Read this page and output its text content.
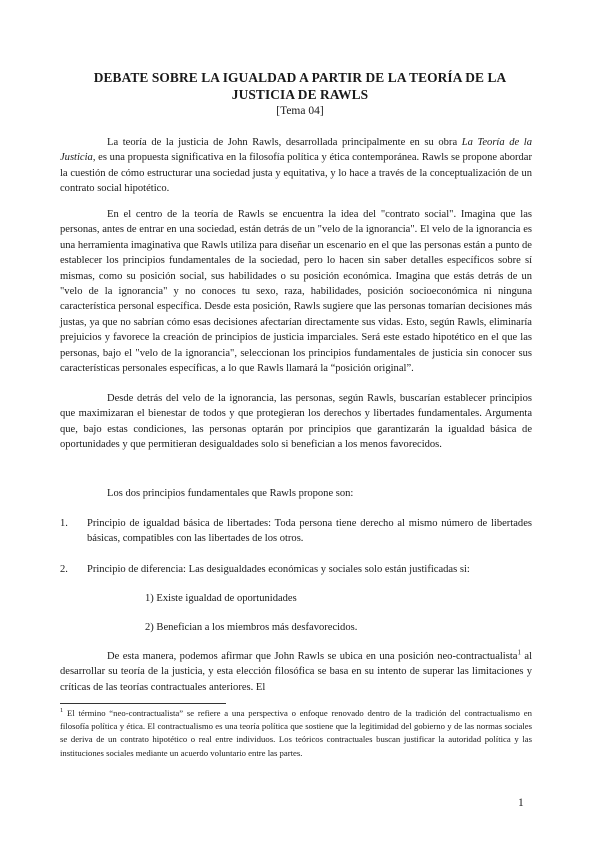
DEBATE SOBRE LA IGUALDAD A PARTIR DE LA TEORÍA DE LA
JUSTICIA DE RAWLS
[Tema 04]

La teoría de la justicia de John Rawls, desarrollada principalmente en su obra La Teoría de la Justicia, es una propuesta significativa en la filosofía política y ética contemporánea. Rawls se propone abordar la cuestión de cómo estructurar una sociedad justa y equitativa, y lo hace a través de la conceptualización de un contrato social hipotético.

En el centro de la teoría de Rawls se encuentra la idea del "contrato social". Imagina que las personas, antes de entrar en una sociedad, están detrás de un "velo de la ignorancia". El velo de la ignorancia es una herramienta imaginativa que Rawls utiliza para diseñar un escenario en el que las personas están a punto de establecer los principios fundamentales de la sociedad, pero lo hacen sin saber detalles específicos sobre sí mismas, como su posición social, sus habilidades o su posición económica. Imagina que estás detrás de un "velo de la ignorancia" y no conoces tu sexo, raza, habilidades, posición socioeconómica ni ninguna característica personal específica. Desde esta posición, Rawls sugiere que las personas tomarían decisiones más justas, ya que no sabrían cómo esas decisiones afectarían directamente sus vidas. Esto, según Rawls, eliminaría prejuicios y favorece la creación de principios de justicia imparciales. Será este estado hipotético en el que las personas, bajo el "velo de la ignorancia", seleccionan los principios fundamentales de justicia sin conocer sus características personales específicas, a lo que Rawls llamará la “posición original”.

Desde detrás del velo de la ignorancia, las personas, según Rawls, buscarían establecer principios que maximizaran el bienestar de todos y que protegieran los derechos y libertades fundamentales. Argumenta que, bajo estas condiciones, las personas optarán por principios que garantizarán la igualdad básica de oportunidades y que permitieran desigualdades solo si benefician a los menos favorecidos.

Los dos principios fundamentales que Rawls propone son:

1. Principio de igualdad básica de libertades: Toda persona tiene derecho al mismo número de libertades básicas, compatibles con las libertades de los otros.
2. Principio de diferencia: Las desigualdades económicas y sociales solo están justificadas si:
1) Existe igualdad de oportunidades
2) Benefician a los miembros más desfavorecidos.

De esta manera, podemos afirmar que John Rawls se ubica en una posición neo-contractualista$^1$ al desarrollar su teoría de la justicia, y esta elección filosófica se basa en su intento de superar las limitaciones y críticas de las teorías contractuales anteriores. El

$^1$ El término “neo-contractualista” se refiere a una perspectiva o enfoque renovado dentro de la tradición del contractualismo en filosofía política y ética. El contractualismo es una teoría política que sostiene que la legitimidad del gobierno y de las normas sociales se deriva de un contrato hipotético o real entre individuos. Los teóricos contractuales buscan justificar la autoridad política y las instituciones sociales mediante un acuerdo voluntario entre las partes.
1
